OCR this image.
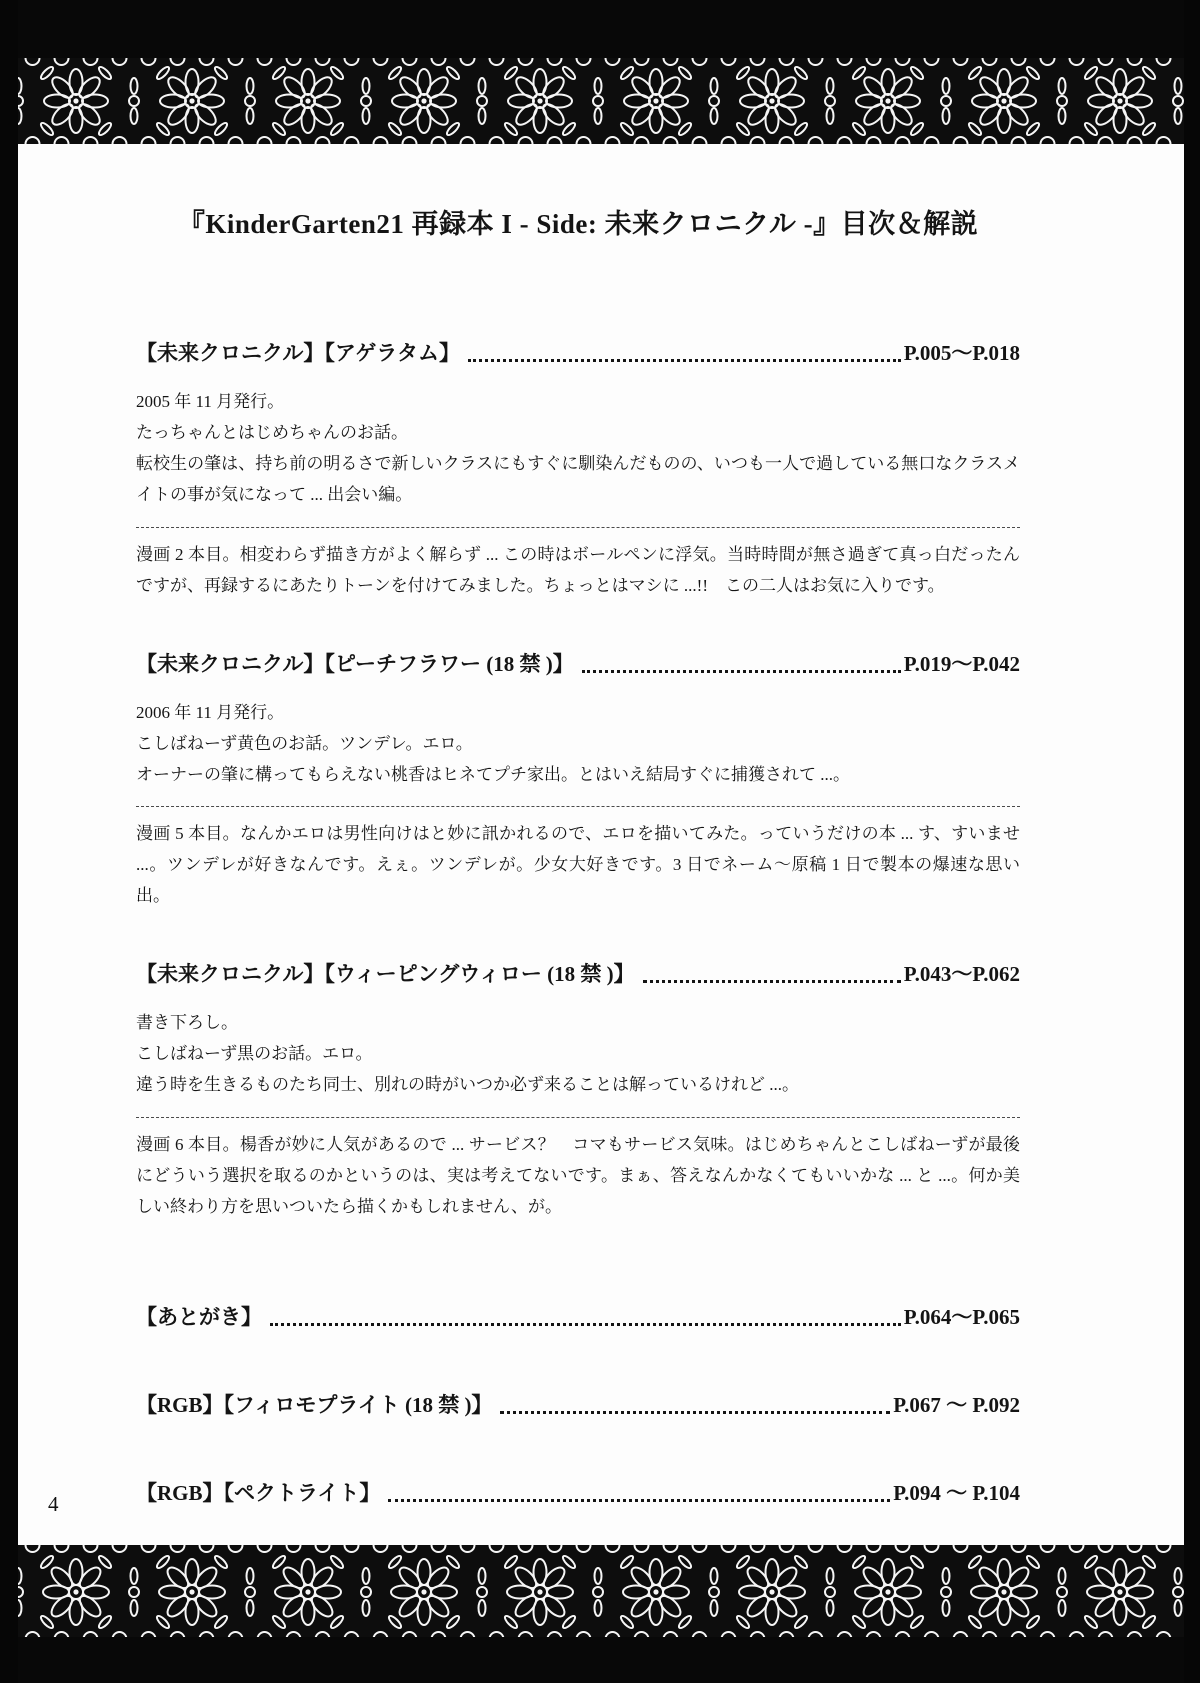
『KinderGarten21 再録本 I - Side: 未来クロニクル -』目次＆解説
【未来クロニクル】【アゲラタム】	P.005〜P.018
2005 年 11 月発行。
たっちゃんとはじめちゃんのお話。
転校生の肇は、持ち前の明るさで新しいクラスにもすぐに馴染んだものの、いつも一人で過している無口なクラスメイトの事が気になって ... 出会い編。
漫画 2 本目。相変わらず描き方がよく解らず ... この時はボールペンに浮気。当時時間が無さ過ぎて真っ白だったんですが、再録するにあたりトーンを付けてみました。ちょっとはマシに ...!!　この二人はお気に入りです。
【未来クロニクル】【ピーチフラワー (18 禁 )】	P.019〜P.042
2006 年 11 月発行。
こしばねーず黄色のお話。ツンデレ。エロ。
オーナーの肇に構ってもらえない桃香はヒネてプチ家出。とはいえ結局すぐに捕獲されて ...。
漫画 5 本目。なんかエロは男性向けはと妙に訊かれるので、エロを描いてみた。っていうだけの本 ... す、すいませ ...。ツンデレが好きなんです。えぇ。ツンデレが。少女大好きです。3 日でネーム〜原稿 1 日で製本の爆速な思い出。
【未来クロニクル】【ウィーピングウィロー (18 禁 )】	P.043〜P.062
書き下ろし。
こしばねーず黒のお話。エロ。
違う時を生きるものたち同士、別れの時がいつか必ず来ることは解っているけれど ...。
漫画 6 本目。楊香が妙に人気があるので ... サービス？　コマもサービス気味。はじめちゃんとこしばねーずが最後にどういう選択を取るのかというのは、実は考えてないです。まぁ、答えなんかなくてもいいかな ... と ...。何か美しい終わり方を思いついたら描くかもしれません、が。
【あとがき】	P.064〜P.065
【RGB】【フィロモプライト (18 禁 )】	P.067 〜 P.092
【RGB】【ペクトライト】	P.094 〜 P.104
4
